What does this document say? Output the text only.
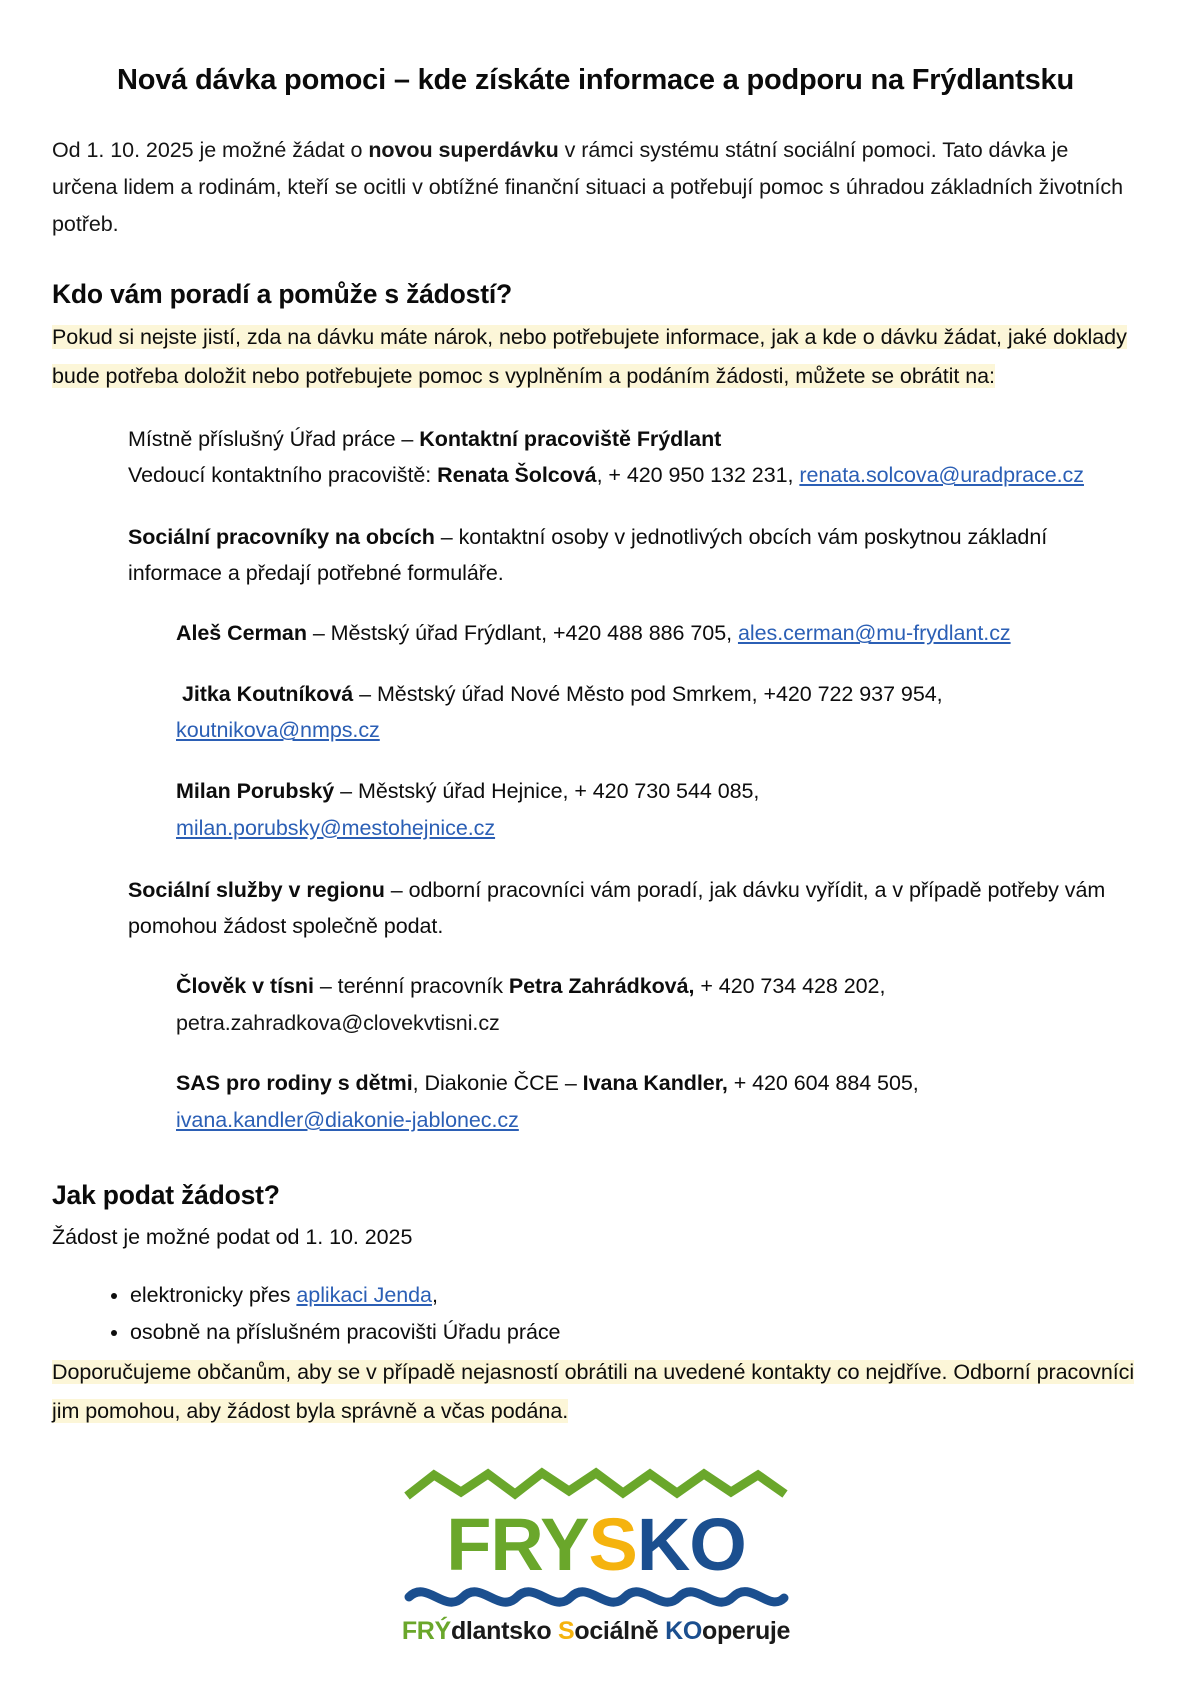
Nová dávka pomoci – kde získáte informace a podporu na Frýdlantsku

Od 1. 10. 2025 je možné žádat o novou superdávku v rámci systému státní sociální pomoci. Tato dávka je určena lidem a rodinám, kteří se ocitli v obtížné finanční situaci a potřebují pomoc s úhradou základních životních potřeb.

Kdo vám poradí a pomůže s žádostí?

Pokud si nejste jistí, zda na dávku máte nárok, nebo potřebujete informace, jak a kde o dávku žádat, jaké doklady bude potřeba doložit nebo potřebujete pomoc s vyplněním a podáním žádosti, můžete se obrátit na:

Místně příslušný Úřad práce – Kontaktní pracoviště Frýdlant
Vedoucí kontaktního pracoviště: Renata Šolcová, + 420 950 132 231, renata.solcova@uradprace.cz
Sociální pracovníky na obcích – kontaktní osoby v jednotlivých obcích vám poskytnou základní informace a předají potřebné formuláře.
Aleš Cerman – Městský úřad Frýdlant, +420 488 886 705, ales.cerman@mu-frydlant.cz
Jitka Koutníková – Městský úřad Nové Město pod Smrkem, +420 722 937 954,
koutnikova@nmps.cz
Milan Porubský – Městský úřad Hejnice, + 420 730 544 085,
milan.porubsky@mestohejnice.cz
Sociální služby v regionu – odborní pracovníci vám poradí, jak dávku vyřídit, a v případě potřeby vám pomohou žádost společně podat.
Člověk v tísni – terénní pracovník Petra Zahrádková, + 420 734 428 202,
petra.zahradkova@clovekvtisni.cz
SAS pro rodiny s dětmi, Diakonie ČCE – Ivana Kandler, + 420 604 884 505,
ivana.kandler@diakonie-jablonec.cz
Jak podat žádost?

Žádost je možné podat od 1. 10. 2025

• elektronicky přes aplikaci Jenda,
• osobně na příslušném pracovišti Úřadu práce

Doporučujeme občanům, aby se v případě nejasností obrátili na uvedené kontakty co nejdříve. Odborní pracovníci jim pomohou, aby žádost byla správně a včas podána.

FRYSKO
FRÝdlantsko Sociálně KOoperuje
